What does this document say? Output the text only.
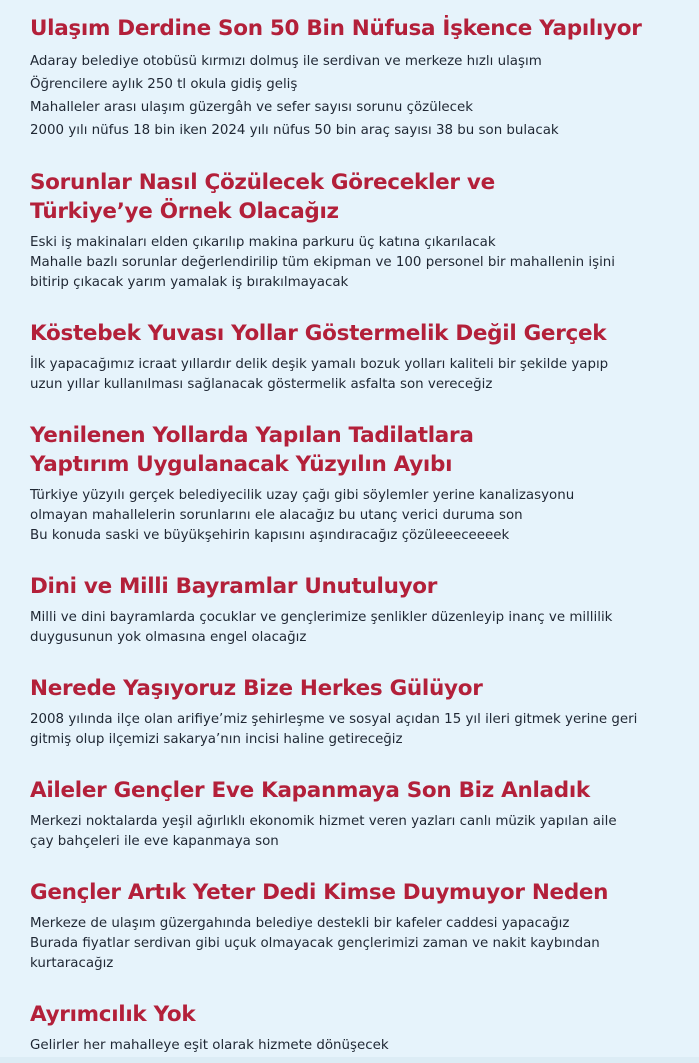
Ulaşım Derdine Son 50 Bin Nüfusa İşkence Yapılıyor

Adaray belediye otobüsü kırmızı dolmuş ile serdivan ve merkeze hızlı ulaşım

Öğrencilere aylık 250 tl okula gidiş geliş

Mahalleler arası ulaşım güzergâh ve sefer sayısı sorunu çözülecek

2000 yılı nüfus 18 bin iken 2024 yılı nüfus 50 bin araç sayısı 38 bu son bulacak

Sorunlar Nasıl Çözülecek Görecekler ve
Türkiye’ye Örnek Olacağız

Eski iş makinaları elden çıkarılıp makina parkuru üç katına çıkarılacak

Mahalle bazlı sorunlar değerlendirilip tüm ekipman ve 100 personel bir mahallenin işini

bitirip çıkacak yarım yamalak iş bırakılmayacak

Köstebek Yuvası Yollar Göstermelik Değil Gerçek

İlk yapacağımız icraat yıllardır delik deşik yamalı bozuk yolları kaliteli bir şekilde yapıp

uzun yıllar kullanılması sağlanacak göstermelik asfalta son vereceğiz

Yenilenen Yollarda Yapılan Tadilatlara
Yaptırım Uygulanacak Yüzyılın Ayıbı

Türkiye yüzyılı gerçek belediyecilik uzay çağı gibi söylemler yerine kanalizasyonu

olmayan mahallelerin sorunlarını ele alacağız bu utanç verici duruma son

Bu konuda saski ve büyükşehirin kapısını aşındıracağız çözülеееceeeek

Dini ve Milli Bayramlar Unutuluyor

Milli ve dini bayramlarda çocuklar ve gençlerimize şenlikler düzenleyip inanç ve millilik

duygusunun yok olmasına engel olacağız

Nerede Yaşıyoruz Bize Herkes Gülüyor

2008 yılında ilçe olan arifiye’miz şehirleşme ve sosyal açıdan 15 yıl ileri gitmek yerine geri

gitmiş olup ilçemizi sakarya’nın incisi haline getireceğiz

Aileler Gençler Eve Kapanmaya Son Biz Anladık

Merkezi noktalarda yeşil ağırlıklı ekonomik hizmet veren yazları canlı müzik yapılan aile

çay bahçeleri ile eve kapanmaya son

Gençler Artık Yeter Dedi Kimse Duymuyor Neden

Merkeze de ulaşım güzergahında belediye destekli bir kafeler caddesi yapacağız

Burada fiyatlar serdivan gibi uçuk olmayacak gençlerimizi zaman ve nakit kaybından

kurtaracağız

Ayrımcılık Yok

Gelirler her mahalleye eşit olarak hizmete dönüşecek
